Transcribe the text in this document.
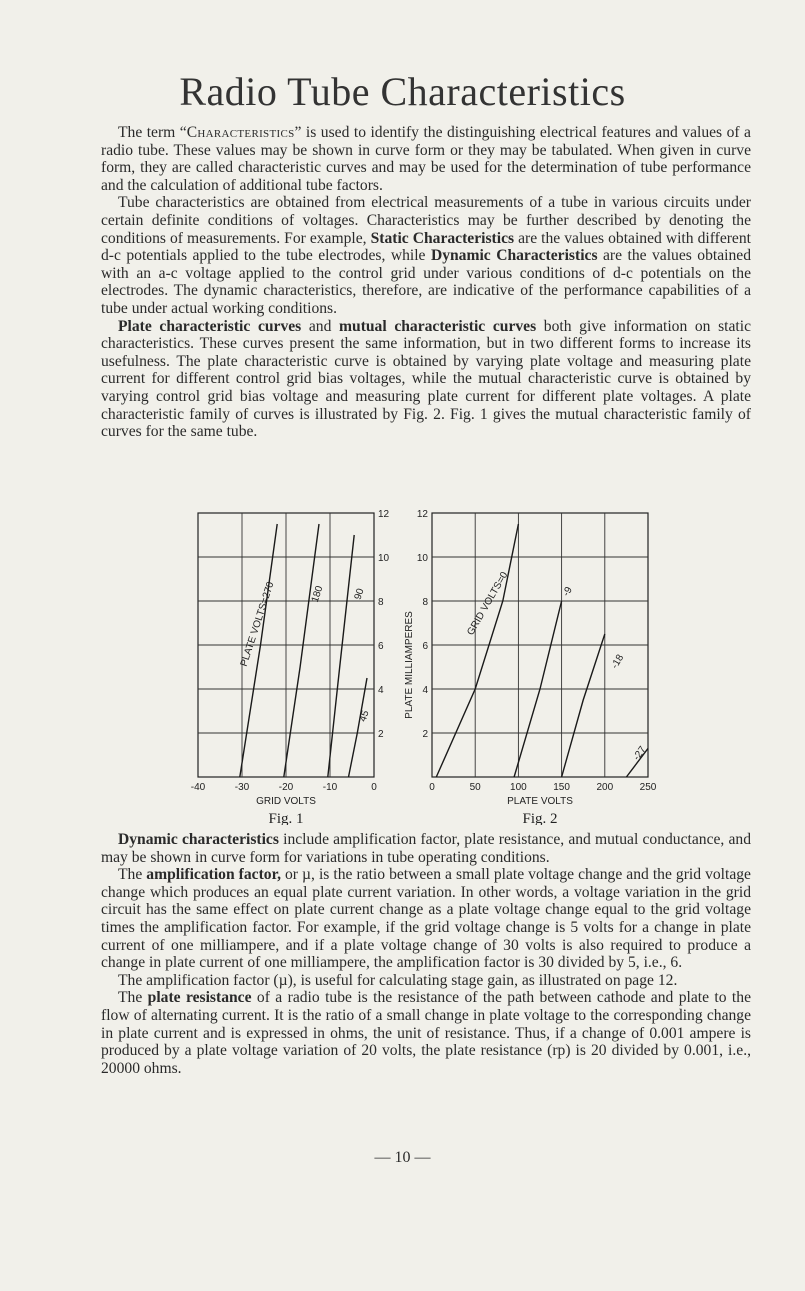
Radio Tube Characteristics

The term “Characteristics” is used to identify the distinguishing electrical features and values of a radio tube. These values may be shown in curve form or they may be tabulated. When given in curve form, they are called characteristic curves and may be used for the determination of tube performance and the calculation of additional tube factors.

Tube characteristics are obtained from electrical measurements of a tube in various circuits under certain definite conditions of voltages. Characteristics may be further described by denoting the conditions of measurements. For example, Static Characteristics are the values obtained with different d-c potentials applied to the tube electrodes, while Dynamic Characteristics are the values obtained with an a-c voltage applied to the control grid under various conditions of d-c potentials on the electrodes. The dynamic characteristics, therefore, are indicative of the performance capabilities of a tube under actual working conditions.

Plate characteristic curves and mutual characteristic curves both give information on static characteristics. These curves present the same information, but in two different forms to increase its usefulness. The plate characteristic curve is obtained by varying plate voltage and measuring plate current for different control grid bias voltages, while the mutual characteristic curve is obtained by varying control grid bias voltage and measuring plate current for different plate voltages. A plate characteristic family of curves is illustrated by Fig. 2. Fig. 1 gives the mutual characteristic family of curves for the same tube.

-40	-30	-20	-10	0
2
4
6
8
10
12
GRID VOLTS
PLATE VOLTS=270	180	90
45
Fig. 1
0	50	100	150	200	250
2
4
6
8
10
12
PLATE VOLTS
PLATE MILLIAMPERES
GRID VOLTS=0	-9
-18
-27
Fig. 2

Dynamic characteristics include amplification factor, plate resistance, and mutual conductance, and may be shown in curve form for variations in tube operating conditions.

The amplification factor, or µ, is the ratio between a small plate voltage change and the grid voltage change which produces an equal plate current variation. In other words, a voltage variation in the grid circuit has the same effect on plate current change as a plate voltage change equal to the grid voltage times the amplification factor. For example, if the grid voltage change is 5 volts for a change in plate current of one milliampere, and if a plate voltage change of 30 volts is also required to produce a change in plate current of one milliampere, the amplification factor is 30 divided by 5, i.e., 6.

The amplification factor (µ), is useful for calculating stage gain, as illustrated on page 12.

The plate resistance of a radio tube is the resistance of the path between cathode and plate to the flow of alternating current. It is the ratio of a small change in plate voltage to the corresponding change in plate current and is expressed in ohms, the unit of resistance. Thus, if a change of 0.001 ampere is produced by a plate voltage variation of 20 volts, the plate resistance (rp) is 20 divided by 0.001, i.e., 20000 ohms.

— 10 —
